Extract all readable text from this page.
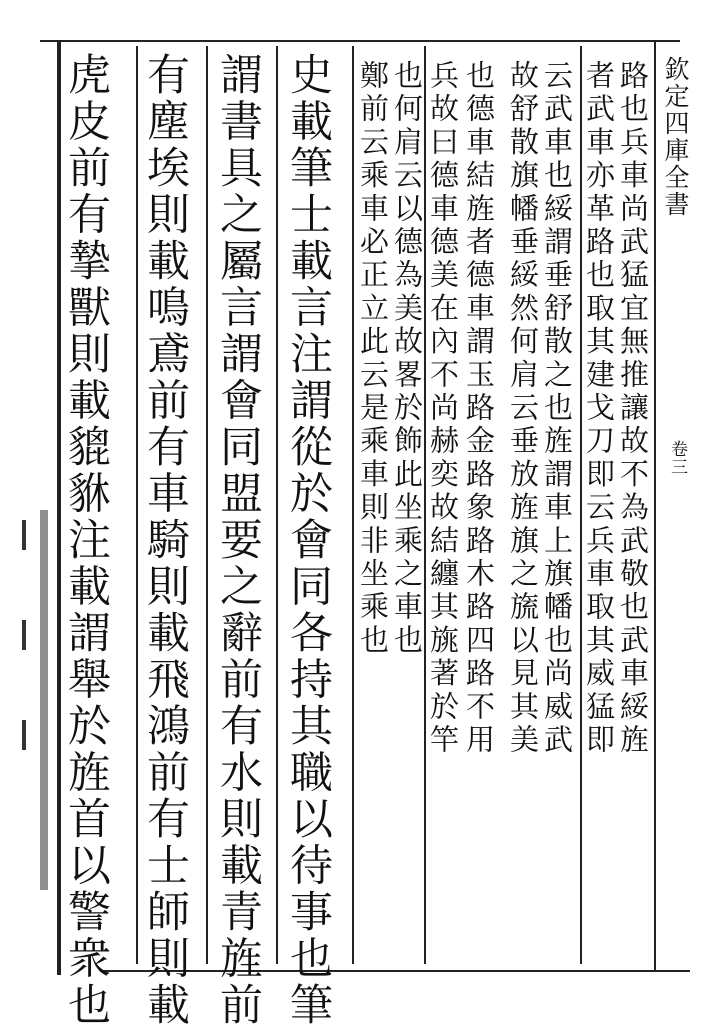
虎皮前有摯獸則載貔貅注載謂舉於旌首以警衆也 有塵埃則載鳴鳶前有車騎則載飛鴻前有士師則載 謂書具之屬言謂會同盟要之辭前有水則載青旌前 史載筆士載言注謂從於會同各持其職以待事也筆 鄭前云乘車必正立此云是乘車則非坐乘也 也何肩云以德為美故畧於飾此坐乘之車也 兵故曰德車德美在內不尚赫奕故結纏其旐著於竿 也德車結旌者德車謂玉路金路象路木路四路不用 故舒散旗幡垂綏然何肩云垂放旌旗之旒以見其美 云武車也綏謂垂舒散之也旌謂車上旗幡也尚威武 者武車亦革路也取其建戈刀即云兵車取其威猛即 路也兵車尚武猛宜無推讓故不為武敬也武車綏旌 欽定四庫全書
卷三
